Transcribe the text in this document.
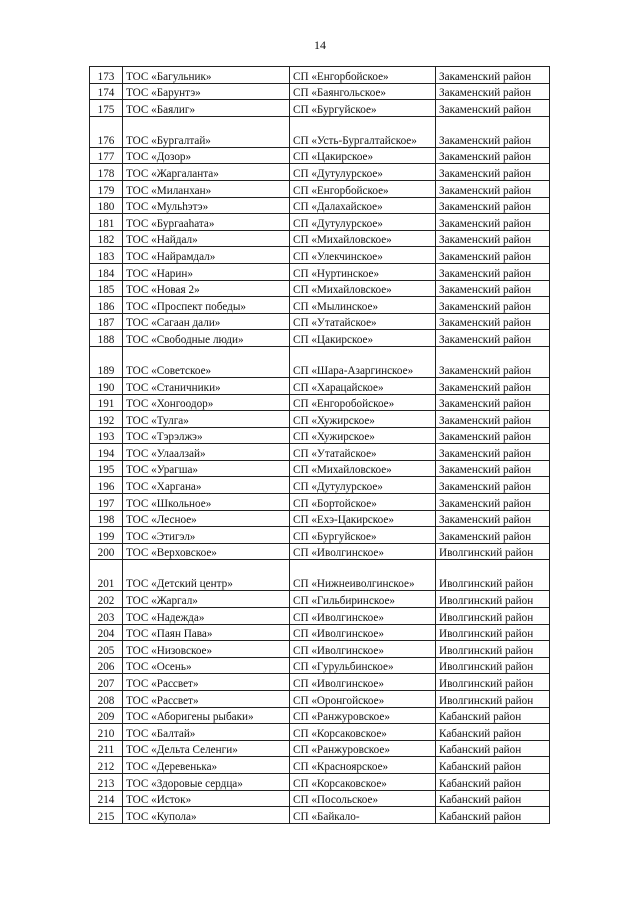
14
173	ТОС «Багульник»	СП «Енгорбойское»	Закаменский район
174	ТОС «Барунтэ»	СП «Баянгольское»	Закаменский район
175	ТОС «Баялиг»	СП «Бургуйское»	Закаменский район
176	ТОС «Бургалтай»	СП «Усть-Бургалтайское»	Закаменский район
177	ТОС «Дозор»	СП «Цакирское»	Закаменский район
178	ТОС «Жаргаланта»	СП «Дутулурское»	Закаменский район
179	ТОС «Миланхан»	СП «Енгорбойское»	Закаменский район
180	ТОС «Мульhэтэ»	СП «Далахайское»	Закаменский район
181	ТОС «Бургааhата»	СП «Дутулурское»	Закаменский район
182	ТОС «Найдал»	СП «Михайловское»	Закаменский район
183	ТОС «Найрамдал»	СП «Улекчинское»	Закаменский район
184	ТОС «Нарин»	СП «Нуртинское»	Закаменский район
185	ТОС «Новая 2»	СП «Михайловское»	Закаменский район
186	ТОС «Проспект победы»	СП «Мылинское»	Закаменский район
187	ТОС «Сагаан дали»	СП «Утатайское»	Закаменский район
188	ТОС «Свободные люди»	СП «Цакирское»	Закаменский район
189	ТОС «Советское»	СП «Шара-Азаргинское»	Закаменский район
190	ТОС «Станичники»	СП «Харацайское»	Закаменский район
191	ТОС «Хонгоодор»	СП «Енгоробойское»	Закаменский район
192	ТОС «Тулга»	СП «Хужирское»	Закаменский район
193	ТОС «Тэрэлжэ»	СП «Хужирское»	Закаменский район
194	ТОС «Улаалзай»	СП «Утатайское»	Закаменский район
195	ТОС «Урагша»	СП «Михайловское»	Закаменский район
196	ТОС «Харгана»	СП «Дутулурское»	Закаменский район
197	ТОС «Школьное»	СП «Бортойское»	Закаменский район
198	ТОС «Лесное»	СП «Ехэ-Цакирское»	Закаменский район
199	ТОС «Этигэл»	СП «Бургуйское»	Закаменский район
200	ТОС «Верховское»	СП «Иволгинское»	Иволгинский район
201	ТОС «Детский центр»	СП «Нижнеиволгинское»	Иволгинский район
202	ТОС «Жаргал»	СП «Гильбиринское»	Иволгинский район
203	ТОС «Надежда»	СП «Иволгинское»	Иволгинский район
204	ТОС «Паян Пава»	СП «Иволгинское»	Иволгинский район
205	ТОС «Низовское»	СП «Иволгинское»	Иволгинский район
206	ТОС «Осень»	СП «Гурульбинское»	Иволгинский район
207	ТОС «Рассвет»	СП «Иволгинское»	Иволгинский район
208	ТОС «Рассвет»	СП «Оронгойское»	Иволгинский район
209	ТОС «Аборигены рыбаки»	СП «Ранжуровское»	Кабанский район
210	ТОС «Балтай»	СП «Корсаковское»	Кабанский район
211	ТОС «Дельта Селенги»	СП «Ранжуровское»	Кабанский район
212	ТОС «Деревенька»	СП «Красноярское»	Кабанский район
213	ТОС «Здоровые сердца»	СП «Корсаковское»	Кабанский район
214	ТОС «Исток»	СП «Посольское»	Кабанский район
215	ТОС «Купола»	СП «Байкало-	Кабанский район
